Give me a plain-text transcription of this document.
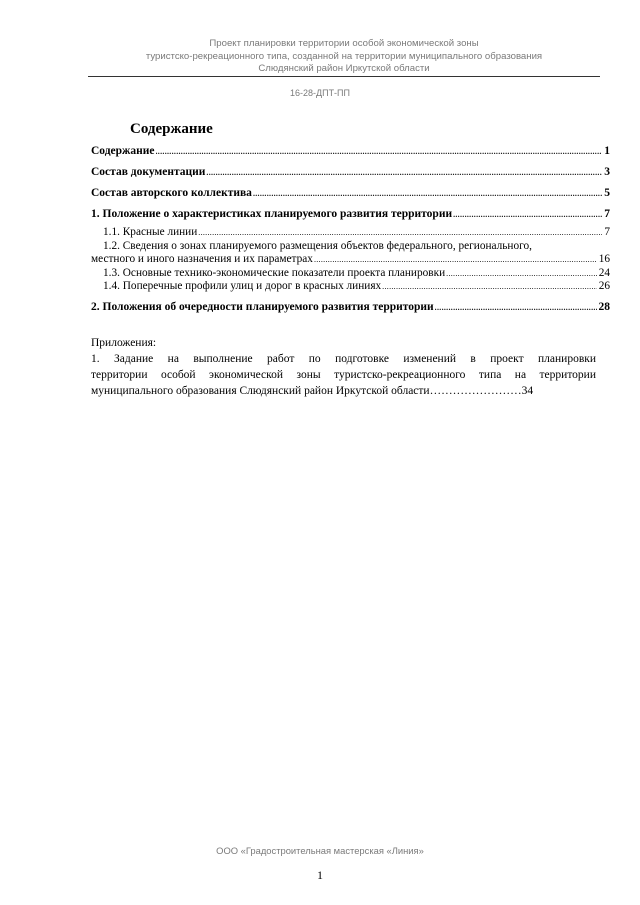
Проект планировки территории особой экономической зоны
туристско-рекреационного типа, созданной на территории муниципального образования
Слюдянский район Иркутской области
16-28-ДПТ-ПП
Содержание
Содержание .....	1
Состав документации .....	3
Состав авторского коллектива .....	5
1. Положение о характеристиках планируемого развития территории .....	7
1.1. Красные линии .....	7
1.2. Сведения о зонах планируемого размещения объектов федерального, регионального,
местного и иного назначения и их параметрах .....	16
1.3. Основные технико-экономические показатели проекта планировки .....	24
1.4. Поперечные профили улиц и дорог в красных линиях .....	26
2. Положения об очередности планируемого развития территории .....	28
Приложения:
1. Задание на выполнение работ по подготовке изменений в проект планировки
территории особой экономической зоны туристско-рекреационного типа на территории
муниципального образования Слюдянский район Иркутской области……………………34
ООО «Градостроительная мастерская «Линия»
1
